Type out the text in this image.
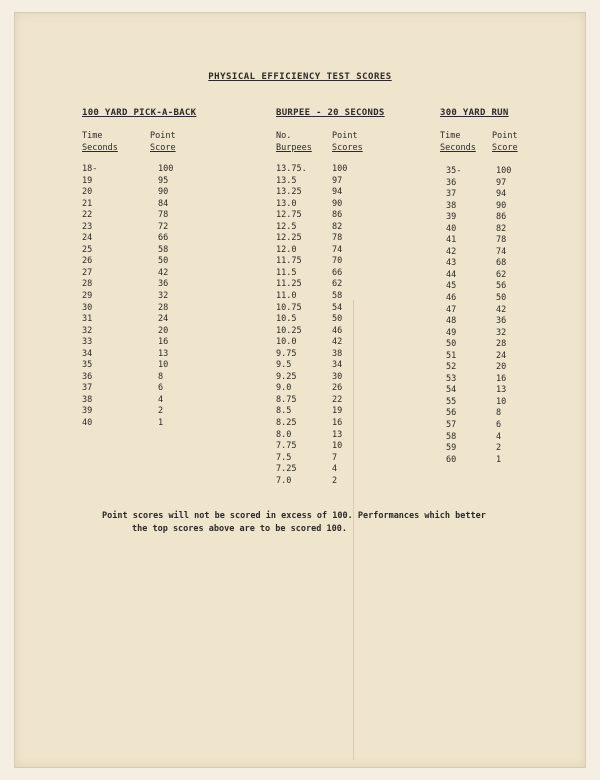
PHYSICAL EFFICIENCY TEST SCORES
100 YARD PICK-A-BACK
Time
Seconds
Point
Score
18-	100
19	95
20	90
21	84
22	78
23	72
24	66
25	58
26	50
27	42
28	36
29	32
30	28
31	24
32	20
33	16
34	13
35	10
36	8
37	6
38	4
39	2
40	1
BURPEE - 20 SECONDS
No.
Burpees
Point
Scores
13.75.	100
13.5	97
13.25	94
13.0	90
12.75	86
12.5	82
12.25	78
12.0	74
11.75	70
11.5	66
11.25	62
11.0	58
10.75	54
10.5	50
10.25	46
10.0	42
9.75	38
9.5	34
9.25	30
9.0	26
8.75	22
8.5	19
8.25	16
8.0	13
7.75	10
7.5	7
7.25	4
7.0	2
300 YARD RUN
Time
Seconds
Point
Score
35-	100
36	97
37	94
38	90
39	86
40	82
41	78
42	74
43	68
44	62
45	56
46	50
47	42
48	36
49	32
50	28
51	24
52	20
53	16
54	13
55	10
56	8
57	6
58	4
59	2
60	1
Point scores will not be scored in excess of 100. Performances which better
the top scores above are to be scored 100.
